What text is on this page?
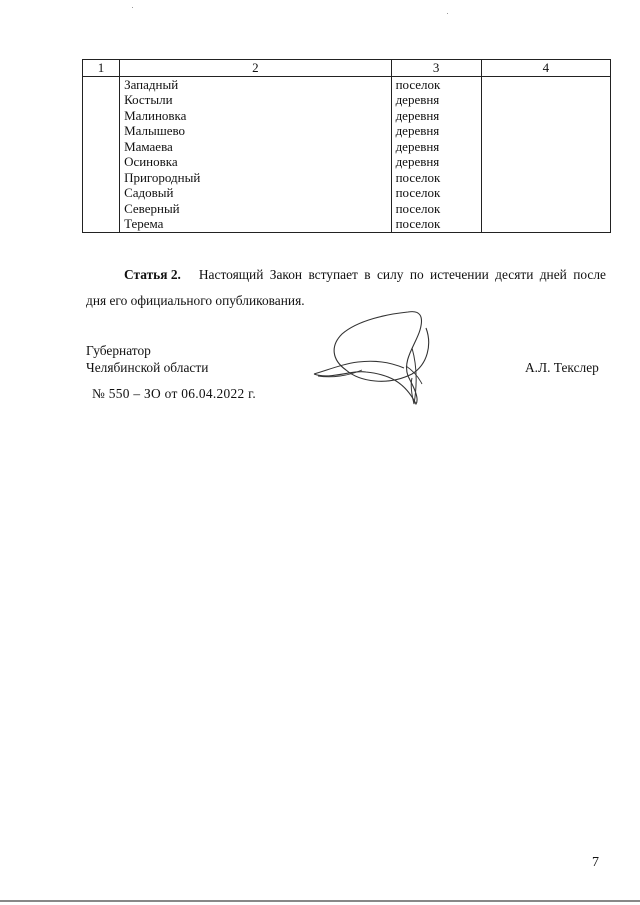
1	2	3	4
	Западный	поселок	
	Костыли	деревня	
	Малиновка	деревня	
	Малышево	деревня	
	Мамаева	деревня	
	Осиновка	деревня	
	Пригородный	поселок	
	Садовый	поселок	
	Северный	поселок	
	Терема	поселок	
Статья 2. Настоящий Закон вступает в силу по истечении десяти дней после
дня его официального опубликования.
Губернатор
Челябинской области	А.Л. Текслер
№ 550 – ЗО от 06.04.2022 г.
7
